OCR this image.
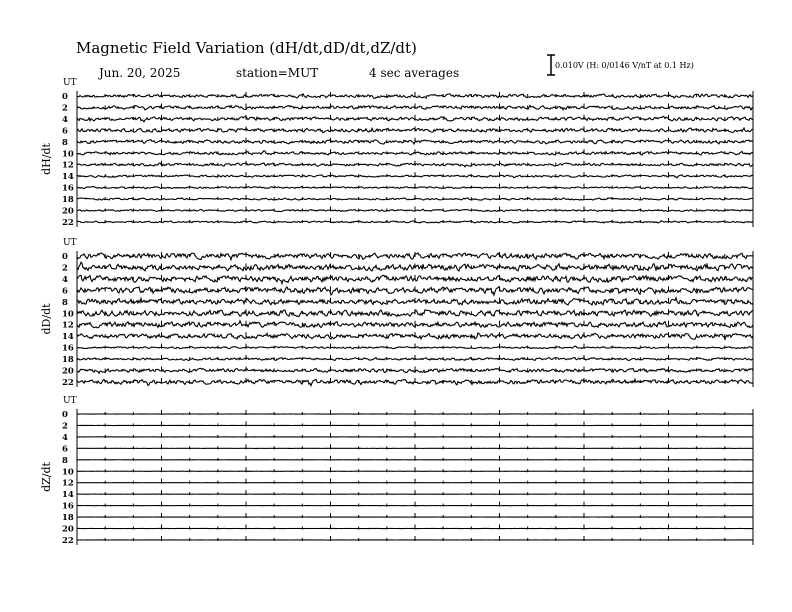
Magnetic Field Variation (dH/dt,dD/dt,dZ/dt)
Jun. 20, 2025	station=MUT	4 sec averages
0.010V (H: 0/0146 V/nT at 0.1 Hz)
UT
dH/dt
0
2
4
6
8
10
12
14
16
18
20
22
UT
dD/dt
0
2
4
6
8
10
12
14
16
18
20
22
UT
dZ/dt
0
2
4
6
8
10
12
14
16
18
20
22
